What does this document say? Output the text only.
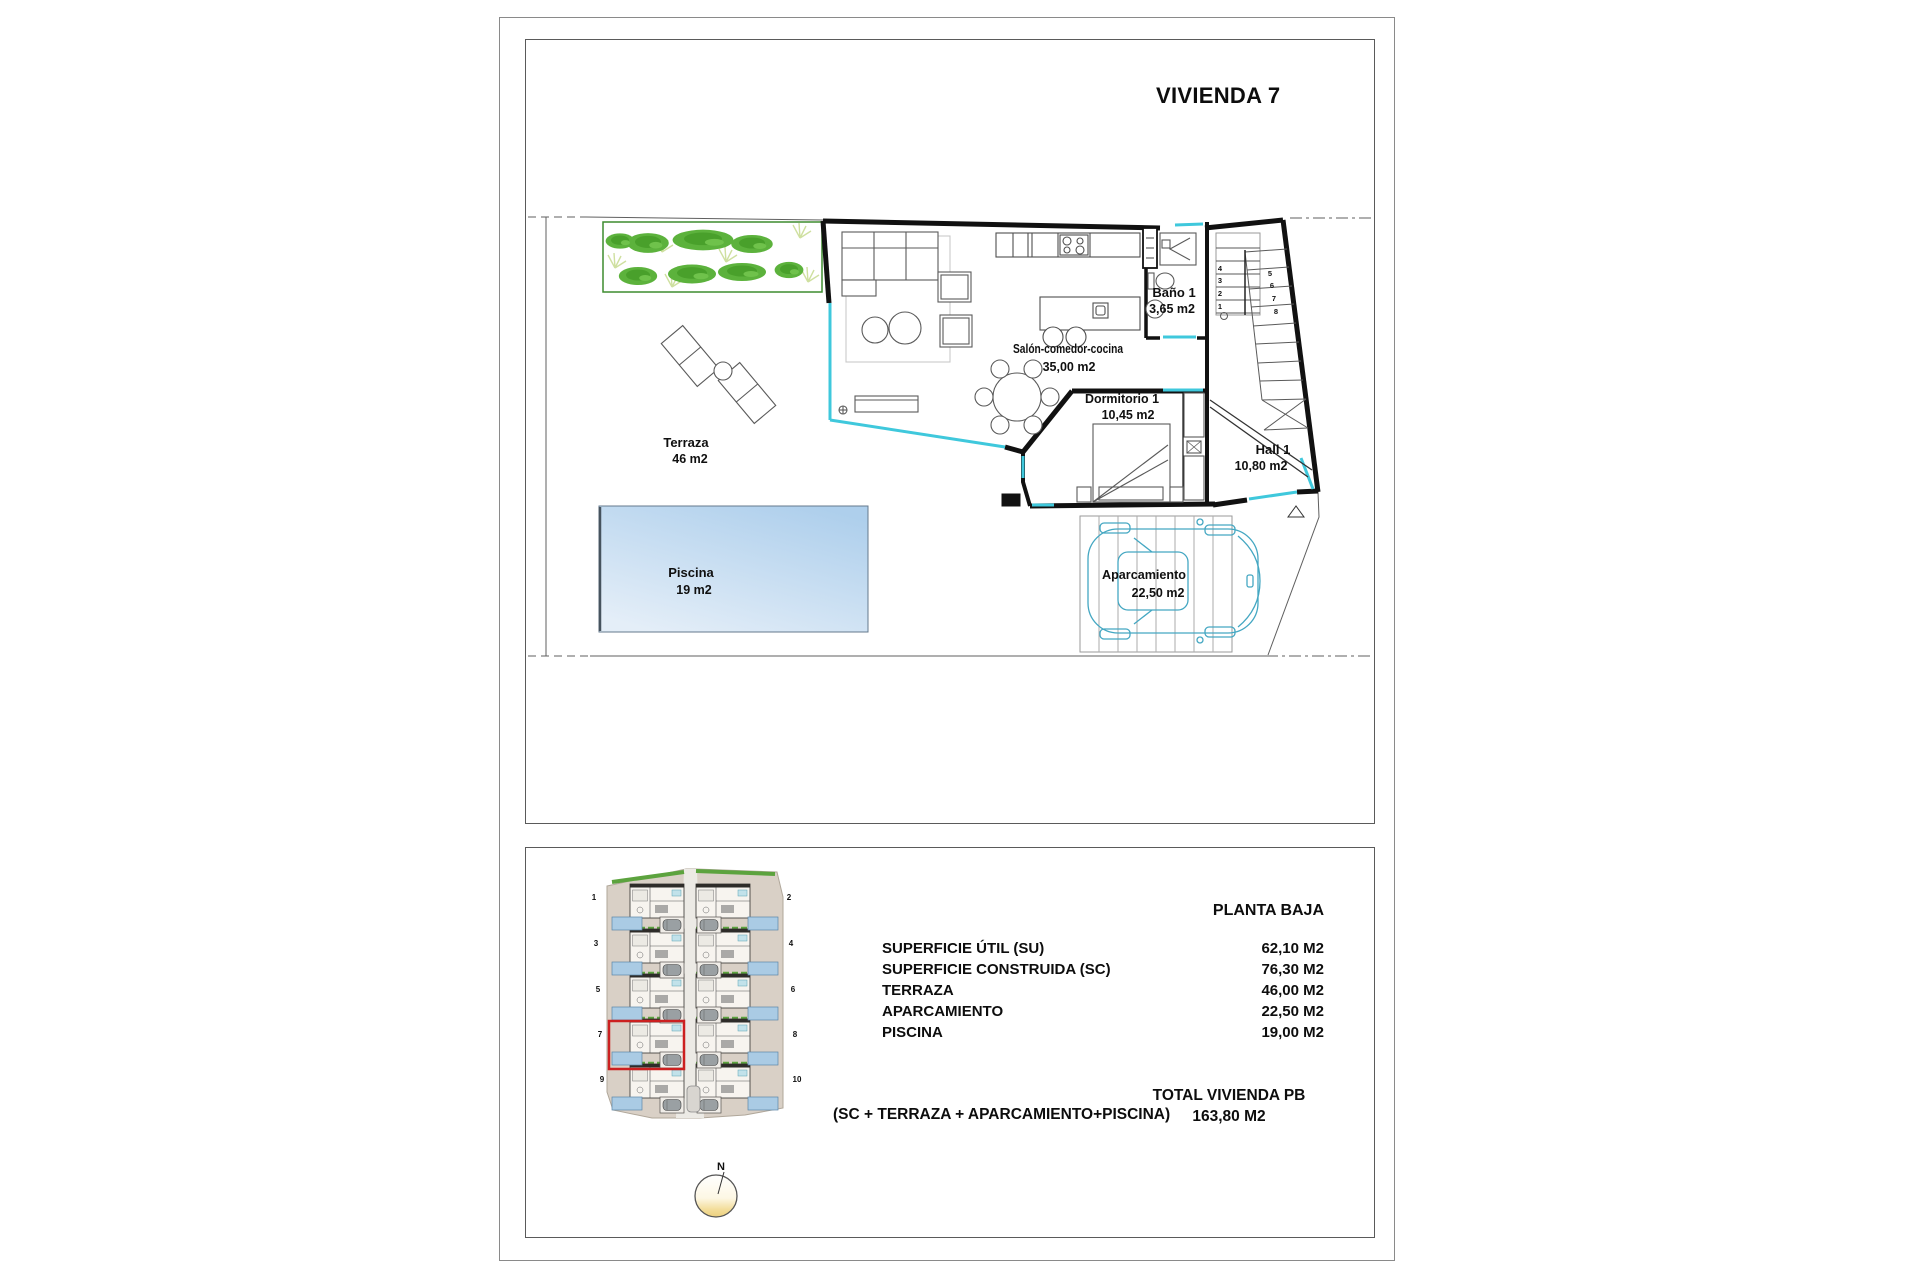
VIVIENDA 7
4
3
2
1
5
6
7
8
Terraza
46 m2
Piscina
19 m2
Salón-comedor-cocina
35,00 m2
Baño 1
3,65 m2
Dormitorio 1
10,45 m2
Hall 1
10,80 m2
Aparcamiento
22,50 m2
1
3
5
7
9
2
4
6
8
10
N
PLANTA BAJA
SUPERFICIE ÚTIL (SU)	62,10 M2
SUPERFICIE CONSTRUIDA (SC)	76,30 M2
TERRAZA	46,00 M2
APARCAMIENTO	22,50 M2
PISCINA	19,00 M2
(SC + TERRAZA + APARCAMIENTO+PISCINA)
TOTAL VIVIENDA PB
163,80 M2
